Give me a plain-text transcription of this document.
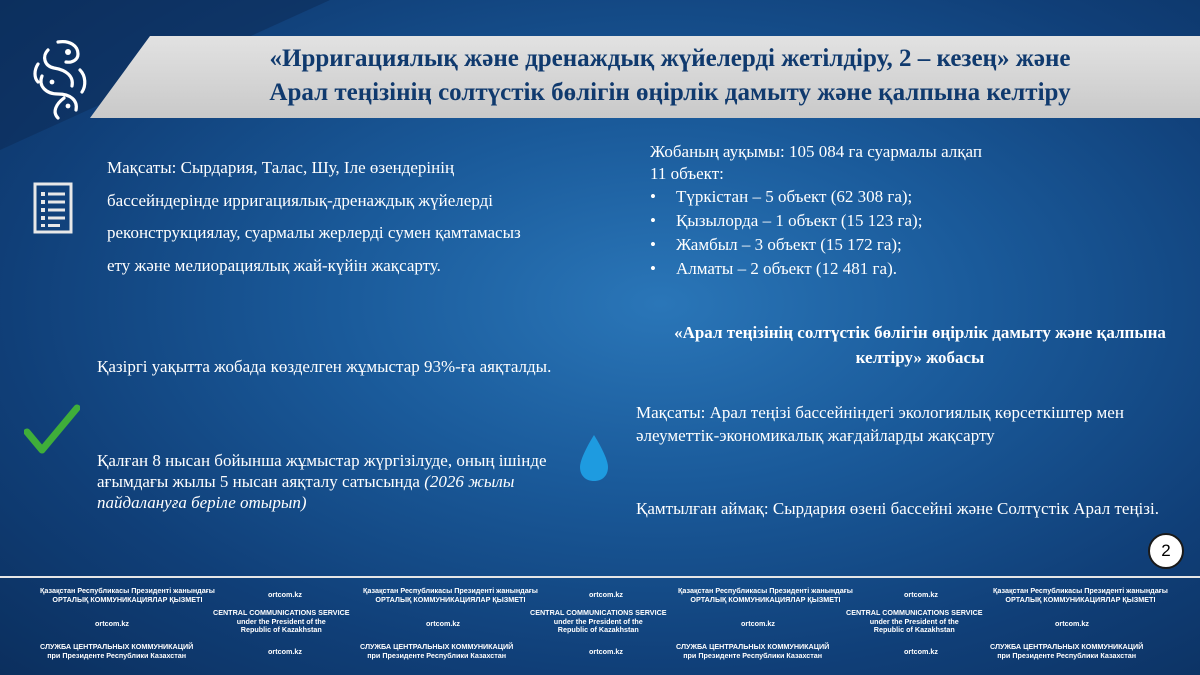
«Ирригациялық және дренаждық жүйелерді жетілдіру, 2 – кезең» және
Арал теңізінің солтүстік бөлігін өңірлік дамыту және қалпына келтіру
Мақсаты: Сырдария, Талас, Шу, Іле өзендерінің бассейндерінде ирригациялық-дренаждық жүйелерді реконструкциялау, суармалы жерлерді сумен қамтамасыз ету және мелиорациялық жай-күйін жақсарту.
Қазіргі уақытта жобада көзделген жұмыстар 93%-ға аяқталды.
Қалған 8 нысан бойынша жұмыстар жүргізілуде, оның ішінде ағымдағы жылы 5 нысан аяқталу сатысында (2026 жылы пайдалануға беріле отырып)
Жобаның ауқымы: 105 084 га суармалы алқап
11 объект:
• Түркістан – 5 объект (62 308 га);
• Қызылорда – 1 объект (15 123 га);
• Жамбыл – 3 объект (15 172 га);
• Алматы – 2 объект (12 481 га).
«Арал теңізінің солтүстік бөлігін өңірлік дамыту және қалпына келтіру» жобасы
Мақсаты: Арал теңізі бассейніндегі экологиялық көрсеткіштер мен әлеуметтік-экономикалық жағдайларды жақсарту
Қамтылған аймақ: Сырдария өзені бассейні және Солтүстік Арал теңізі.
2
Қазақстан Республикасы Президенті жанындағы
ОРТАЛЫҚ КОММУНИКАЦИЯЛАР ҚЫЗМЕТІ
ortcom.kz	Қазақстан Республикасы Президенті жанындағы
ОРТАЛЫҚ КОММУНИКАЦИЯЛАР ҚЫЗМЕТІ
ortcom.kz	Қазақстан Республикасы Президенті жанындағы
ОРТАЛЫҚ КОММУНИКАЦИЯЛАР ҚЫЗМЕТІ
ortcom.kz	Қазақстан Республикасы Президенті жанындағы
ОРТАЛЫҚ КОММУНИКАЦИЯЛАР ҚЫЗМЕТІ
ortcom.kz
CENTRAL COMMUNICATIONS SERVICE
under the President of the
Republic of Kazakhstan
ortcom.kz
CENTRAL COMMUNICATIONS SERVICE
under the President of the
Republic of Kazakhstan
ortcom.kz
CENTRAL COMMUNICATIONS SERVICE
under the President of the
Republic of Kazakhstan
ortcom.kz
СЛУЖБА ЦЕНТРАЛЬНЫХ КОММУНИКАЦИЙ
при Президенте Республики Казахстан	ortcom.kz
СЛУЖБА ЦЕНТРАЛЬНЫХ КОММУНИКАЦИЙ
при Президенте Республики Казахстан	ortcom.kz
СЛУЖБА ЦЕНТРАЛЬНЫХ КОММУНИКАЦИЙ
при Президенте Республики Казахстан	ortcom.kz
СЛУЖБА ЦЕНТРАЛЬНЫХ КОММУНИКАЦИЙ
при Президенте Республики Казахстан
